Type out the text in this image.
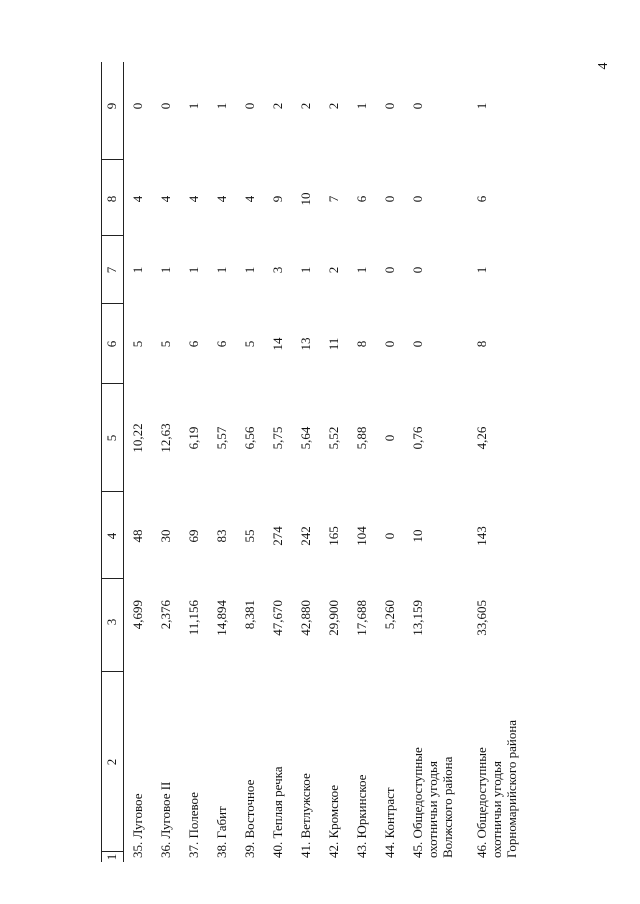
4
1
2
3
4
5
6
7
8
9
35. Луговое
4,699
48
10,22
5
1
4
0
36. Луговое II
2,376
30
12,63
5
1
4
0
37. Полевое
11,156
69
6,19
6
1
4
1
38. Габит
14,894
83
5,57
6
1
4
1
39. Восточное
8,381
55
6,56
5
1
4
0
40. Теплая речка
47,670
274
5,75
14
3
9
2
41. Ветлужское
42,880
242
5,64
13
1
10
2
42. Кромское
29,900
165
5,52
11
2
7
2
43. Юркинское
17,688
104
5,88
8
1
6
1
44. Контраст
5,260
0
0
0
0
0
0
45. Общедоступные охотничьи угодья Волжского района
13,159
10
0,76
0
0
0
0
46. Общедоступные охотничьи угодья Горномарийского района
33,605
143
4,26
8
1
6
1
